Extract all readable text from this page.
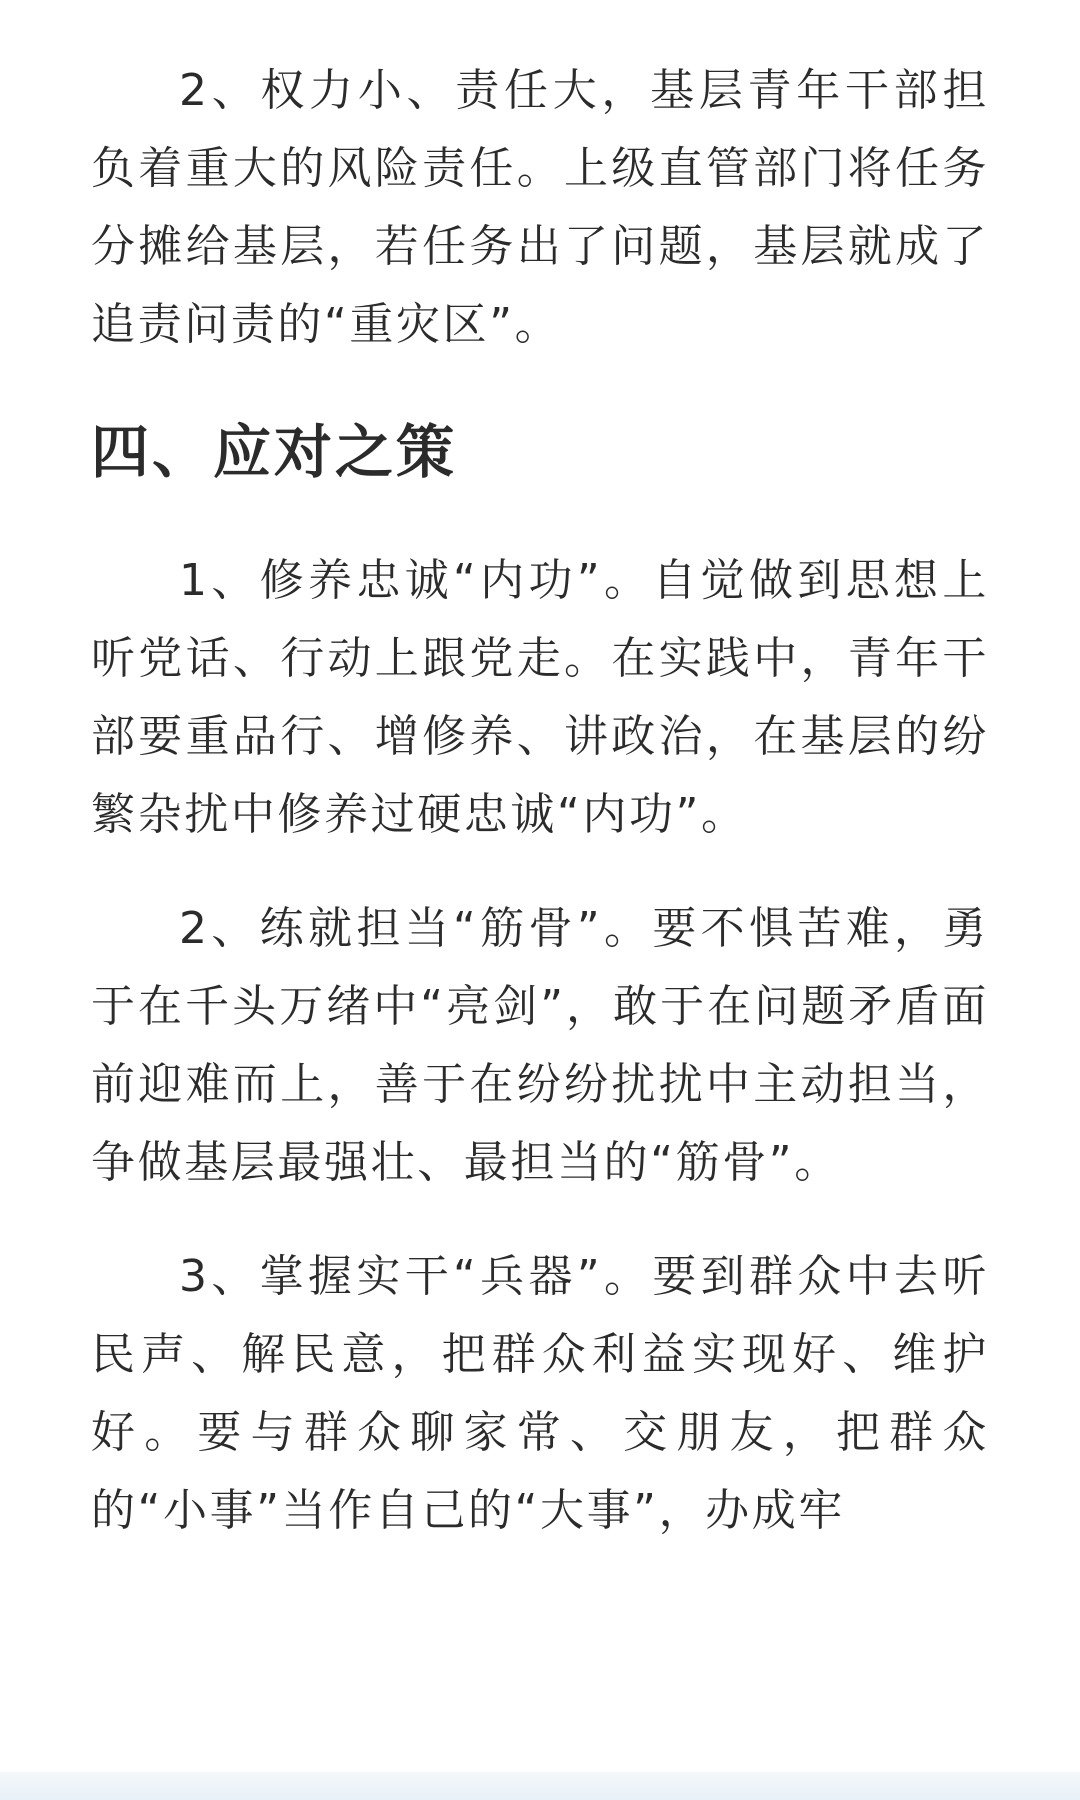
2、权力小、责任大，基层青年干部担负着重大的风险责任。上级直管部门将任务分摊给基层，若任务出了问题，基层就成了追责问责的“重灾区”。

四、应对之策

1、修养忠诚“内功”。自觉做到思想上听党话、行动上跟党走。在实践中，青年干部要重品行、增修养、讲政治，在基层的纷繁杂扰中修养过硬忠诚“内功”。

2、练就担当“筋骨”。要不惧苦难，勇于在千头万绪中“亮剑”，敢于在问题矛盾面前迎难而上，善于在纷纷扰扰中主动担当，争做基层最强壮、最担当的“筋骨”。

3、掌握实干“兵器”。要到群众中去听民声、解民意，把群众利益实现好、维护好。要与群众聊家常、交朋友，把群众的“小事”当作自己的“大事”，办成牢
